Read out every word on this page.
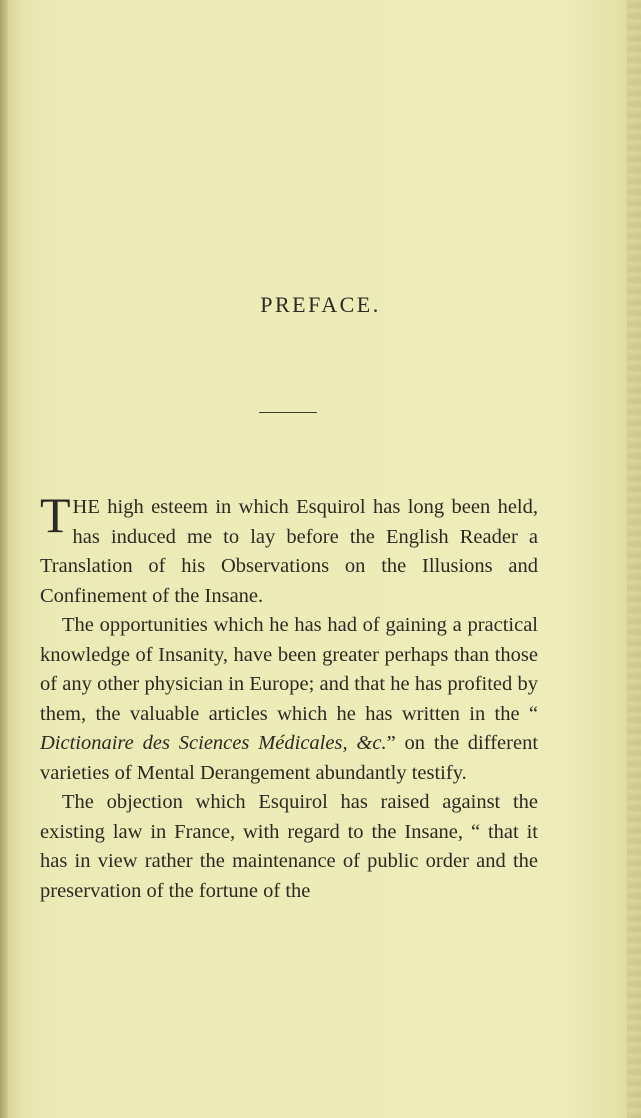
PREFACE.

THE high esteem in which Esquirol has long been held, has induced me to lay before the English Reader a Translation of his Observations on the Illusions and Confinement of the Insane.

The opportunities which he has had of gaining a practical knowledge of Insanity, have been greater perhaps than those of any other physician in Europe; and that he has profited by them, the valuable articles which he has written in the “ Dictionaire des Sciences Médicales, &c.” on the different varieties of Mental Derangement abundantly testify.

The objection which Esquirol has raised against the existing law in France, with regard to the Insane, “ that it has in view rather the maintenance of public order and the preservation of the fortune of the
